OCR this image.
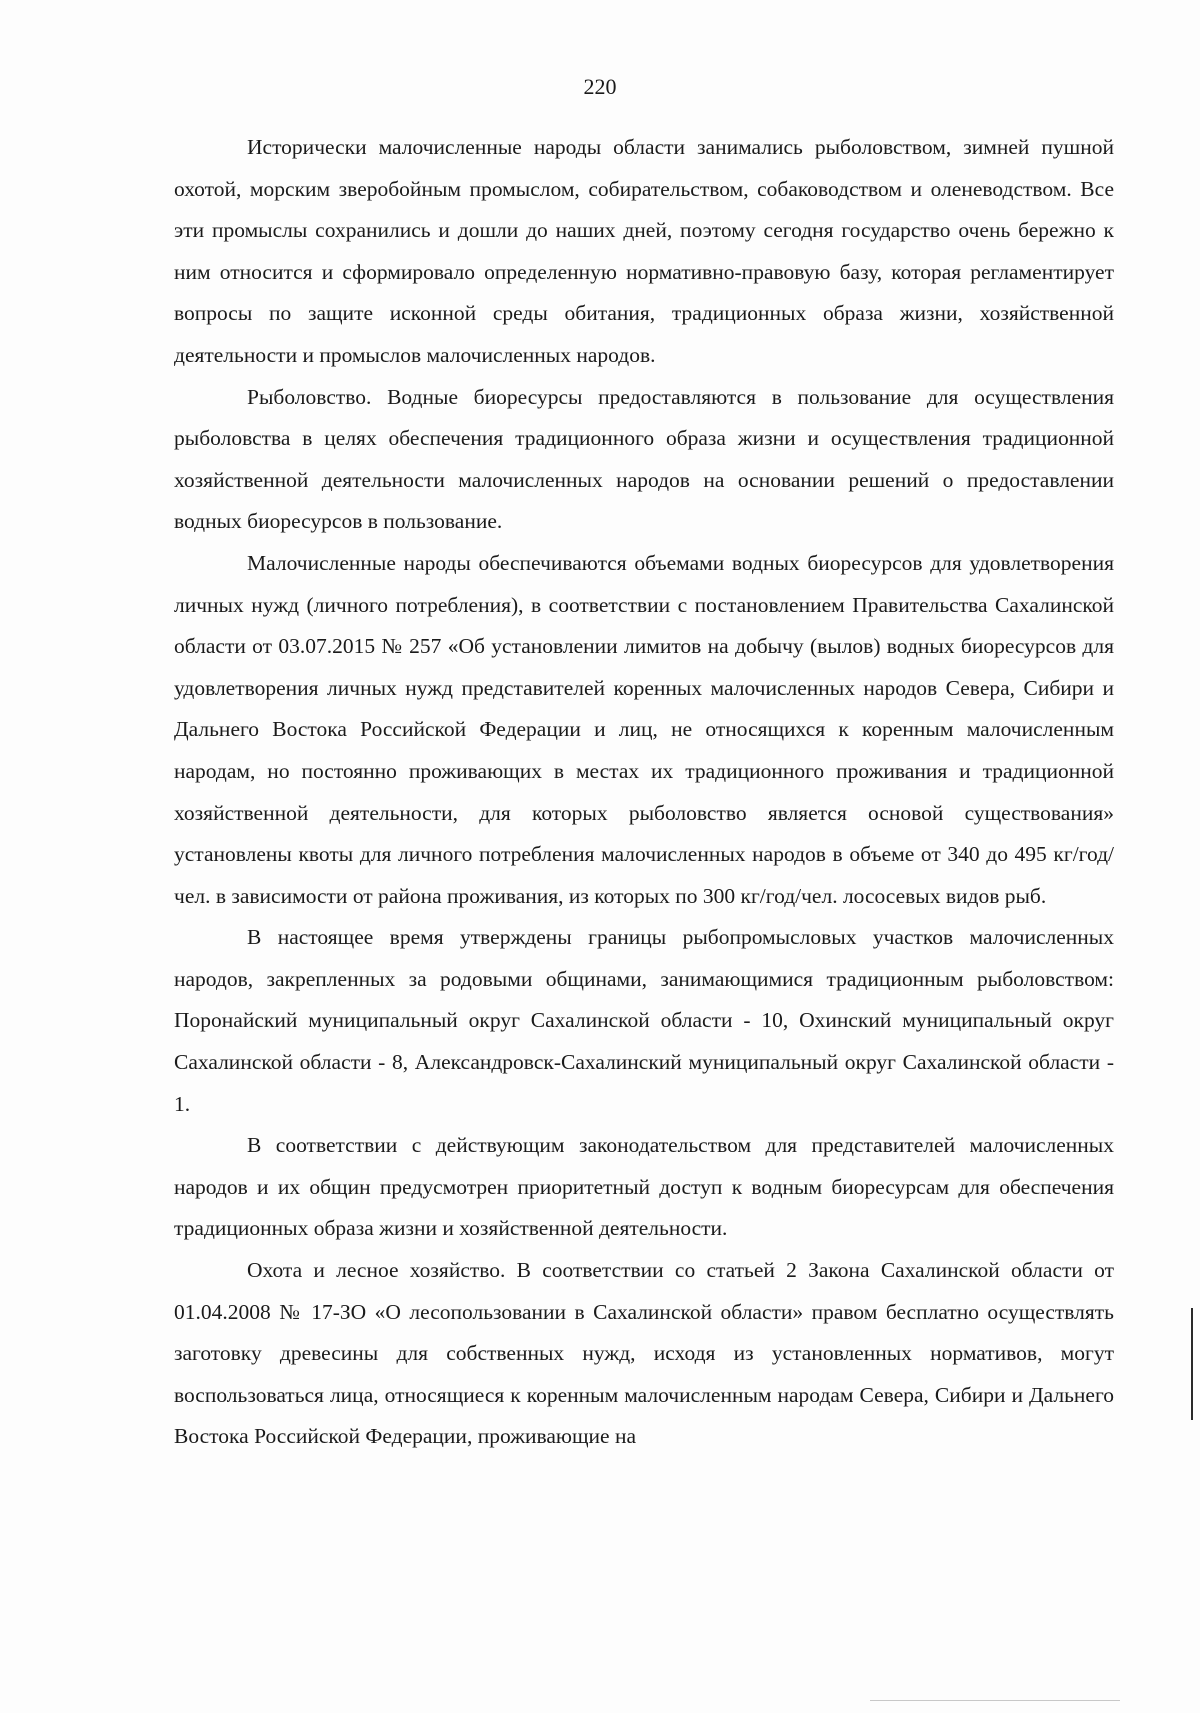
220

Исторически малочисленные народы области занимались рыболовством, зимней пушной охотой, морским зверобойным промыслом, собирательством, собаководством и оленеводством. Все эти промыслы сохранились и дошли до наших дней, поэтому сегодня государство очень бережно к ним относится и сформировало определенную нормативно-правовую базу, которая регламентирует вопросы по защите исконной среды обитания, традиционных образа жизни, хозяйственной деятельности и промыслов малочисленных народов.

Рыболовство. Водные биоресурсы предоставляются в пользование для осуществления рыболовства в целях обеспечения традиционного образа жизни и осуществления традиционной хозяйственной деятельности малочисленных народов на основании решений о предоставлении водных биоресурсов в пользование.

Малочисленные народы обеспечиваются объемами водных биоресурсов для удовлетворения личных нужд (личного потребления), в соответствии с постановлением Правительства Сахалинской области от 03.07.2015 № 257 «Об установлении лимитов на добычу (вылов) водных биоресурсов для удовлетворения личных нужд представителей коренных малочисленных народов Севера, Сибири и Дальнего Востока Российской Федерации и лиц, не относящихся к коренным малочисленным народам, но постоянно проживающих в местах их традиционного проживания и традиционной хозяйственной деятельности, для которых рыболовство является основой существования» установлены квоты для личного потребления малочисленных народов в объеме от 340 до 495 кг/год/чел. в зависимости от района проживания, из которых по 300 кг/год/чел. лососевых видов рыб.

В настоящее время утверждены границы рыбопромысловых участков малочисленных народов, закрепленных за родовыми общинами, занимающимися традиционным рыболовством: Поронайский муниципальный округ Сахалинской области - 10, Охинский муниципальный округ Сахалинской области - 8, Александровск-Сахалинский муниципальный округ Сахалинской области - 1.

В соответствии с действующим законодательством для представителей малочисленных народов и их общин предусмотрен приоритетный доступ к водным биоресурсам для обеспечения традиционных образа жизни и хозяйственной деятельности.

Охота и лесное хозяйство. В соответствии со статьей 2 Закона Сахалинской области от 01.04.2008 № 17-ЗО «О лесопользовании в Сахалинской области» правом бесплатно осуществлять заготовку древесины для собственных нужд, исходя из установленных нормативов, могут воспользоваться лица, относящиеся к коренным малочисленным народам Севера, Сибири и Дальнего Востока Российской Федерации, проживающие на
